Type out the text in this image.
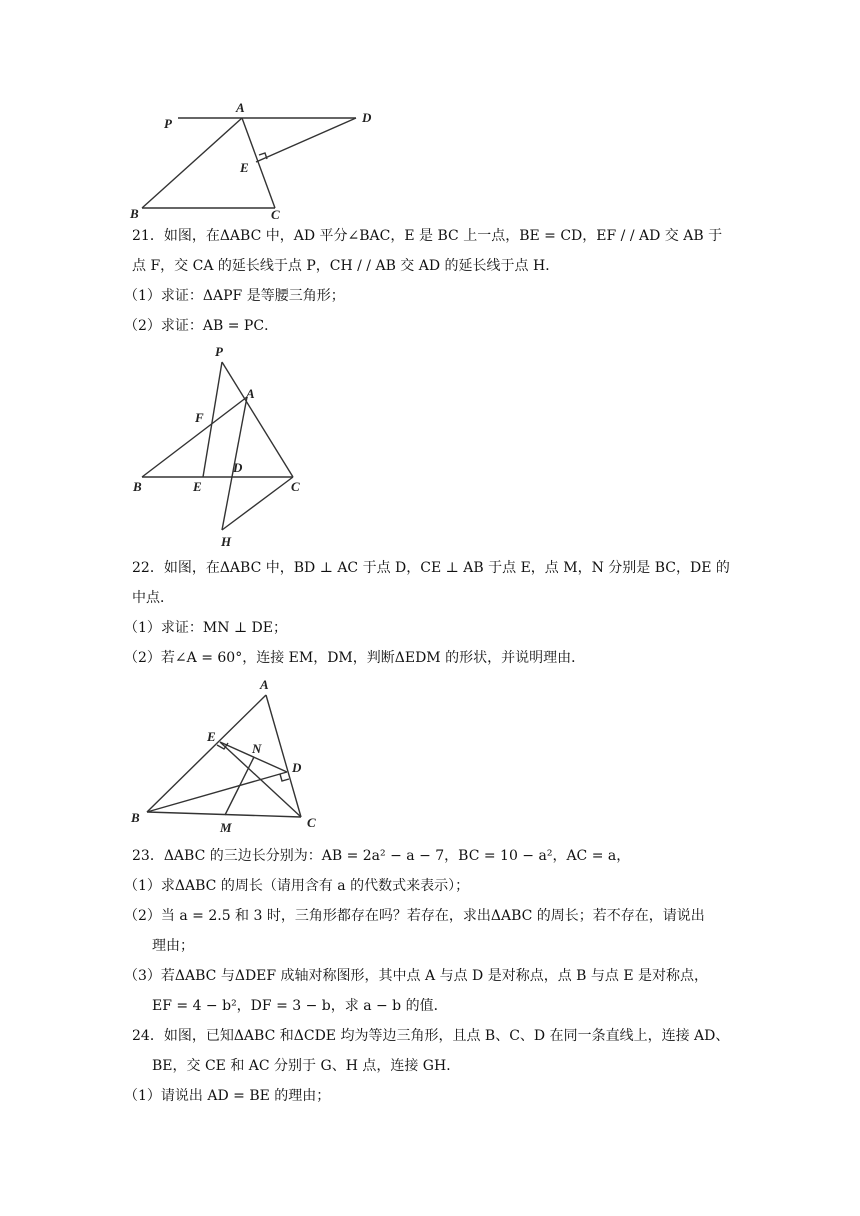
P
A
D
E
B	C
21．如图，在ΔABC 中，AD 平分∠BAC，E 是 BC 上一点，BE = CD，EF / / AD 交 AB 于
点 F，交 CA 的延长线于点 P，CH / / AB 交 AD 的延长线于点 H．
（1）求证：ΔAPF 是等腰三角形；
（2）求证：AB = PC．
P
A
F
D
B	E	C
H
22．如图，在ΔABC 中，BD ⊥ AC 于点 D，CE ⊥ AB 于点 E，点 M，N 分别是 BC，DE 的
中点．
（1）求证：MN ⊥ DE；
（2）若∠A = 60°，连接 EM，DM，判断ΔEDM 的形状，并说明理由．
A
E
N
D
B
M	C
23．ΔABC 的三边长分别为：AB = 2a² − a − 7，BC = 10 − a²，AC = a，
（1）求ΔABC 的周长（请用含有 a 的代数式来表示）；
（2）当 a = 2.5 和 3 时，三角形都存在吗？若存在，求出ΔABC 的周长；若不存在，请说出
理由；
（3）若ΔABC 与ΔDEF 成轴对称图形，其中点 A 与点 D 是对称点，点 B 与点 E 是对称点，
EF = 4 − b²，DF = 3 − b，求 a − b 的值．
24．如图，已知ΔABC 和ΔCDE 均为等边三角形，且点 B、C、D 在同一条直线上，连接 AD、
BE，交 CE 和 AC 分别于 G、H 点，连接 GH．
（1）请说出 AD = BE 的理由；
